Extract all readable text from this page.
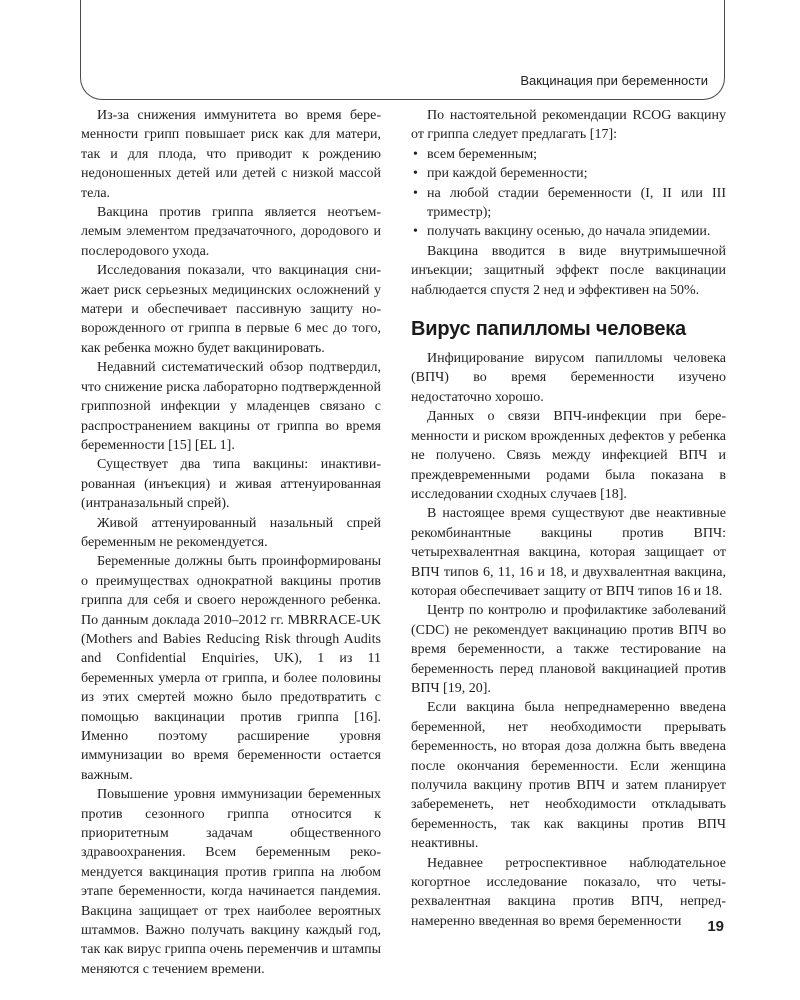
Вакцинация при беременности

Из-за снижения иммунитета во время беременности грипп повышает риск как для матери, так и для плода, что приводит к рождению недоношенных детей или детей с низкой массой тела.

Вакцина против гриппа является неотъемлемым элементом предзачаточного, дородового и послеродового ухода.

Исследования показали, что вакцинация снижает риск серьезных медицинских осложнений у матери и обеспечивает пассивную защиту новорожденного от гриппа в первые 6 мес до того, как ребенка можно будет вакцинировать.

Недавний систематический обзор подтвердил, что снижение риска лабораторно подтвержденной гриппозной инфекции у младенцев связано с распространением вакцины от гриппа во время беременности [15] [EL 1].

Существует два типа вакцины: инактивированная (инъекция) и живая аттенуированная (интраназальный спрей).

Живой аттенуированный назальный спрей беременным не рекомендуется.

Беременные должны быть проинформированы о преимуществах однократной вакцины против гриппа для себя и своего нерожденного ребенка. По данным доклада 2010–2012 гг. MBRRACE-UK (Mothers and Babies Reducing Risk through Audits and Confidential Enquiries, UK), 1 из 11 беременных умерла от гриппа, и более половины из этих смертей можно было предотвратить с помощью вакцинации против гриппа [16]. Именно поэтому расширение уровня иммунизации во время беременности остается важным.

Повышение уровня иммунизации беременных против сезонного гриппа относится к приоритетным задачам общественного здравоохранения. Всем беременным рекомендуется вакцинация против гриппа на любом этапе беременности, когда начинается пандемия. Вакцина защищает от трех наиболее вероятных штаммов. Важно получать вакцину каждый год, так как вирус гриппа очень переменчив и штампы меняются с течением времени.

По настоятельной рекомендации RCOG вакцину от гриппа следует предлагать [17]:

• всем беременным;
• при каждой беременности;
• на любой стадии беременности (I, II или III триместр);
• получать вакцину осенью, до начала эпидемии.

Вакцина вводится в виде внутримышечной инъекции; защитный эффект после вакцинации наблюдается спустя 2 нед и эффективен на 50%.

Вирус папилломы человека

Инфицирование вирусом папилломы человека (ВПЧ) во время беременности изучено недостаточно хорошо.

Данных о связи ВПЧ-инфекции при беременности и риском врожденных дефектов у ребенка не получено. Связь между инфекцией ВПЧ и преждевременными родами была показана в исследовании сходных случаев [18].

В настоящее время существуют две неактивные рекомбинантные вакцины против ВПЧ: четырехвалентная вакцина, которая защищает от ВПЧ типов 6, 11, 16 и 18, и двухвалентная вакцина, которая обеспечивает защиту от ВПЧ типов 16 и 18.

Центр по контролю и профилактике заболеваний (CDC) не рекомендует вакцинацию против ВПЧ во время беременности, а также тестирование на беременность перед плановой вакцинацией против ВПЧ [19, 20].

Если вакцина была непреднамеренно введена беременной, нет необходимости прерывать беременность, но вторая доза должна быть введена после окончания беременности. Если женщина получила вакцину против ВПЧ и затем планирует забеременеть, нет необходимости откладывать беременность, так как вакцины против ВПЧ неактивны.

Недавнее ретроспективное наблюдательное когортное исследование показало, что четырехвалентная вакцина против ВПЧ, непреднамеренно введенная во время беременности	19
